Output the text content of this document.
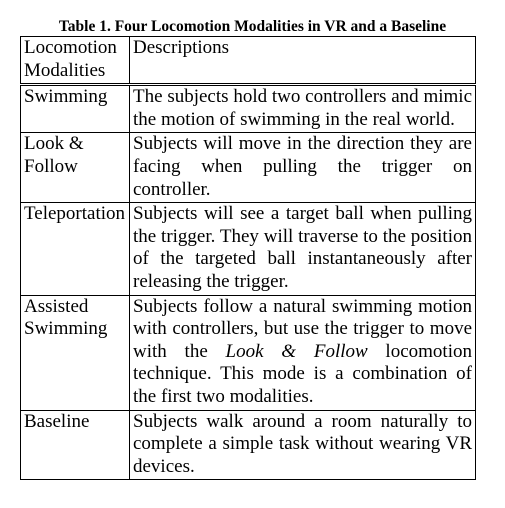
Table 1. Four Locomotion Modalities in VR and a Baseline
Locomotion Modalities	Descriptions
Swimming	The subjects hold two controllers and mimic the motion of swimming in the real world.
Look & Follow	Subjects will move in the direction they are facing when pulling the trigger on controller.
Teleportation	Subjects will see a target ball when pulling the trigger. They will traverse to the position of the targeted ball instantaneously after releasing the trigger.
Assisted Swimming	Subjects follow a natural swimming motion with controllers, but use the trigger to move with the Look & Follow locomotion technique. This mode is a combination of the first two modalities.
Baseline	Subjects walk around a room naturally to complete a simple task without wearing VR devices.
